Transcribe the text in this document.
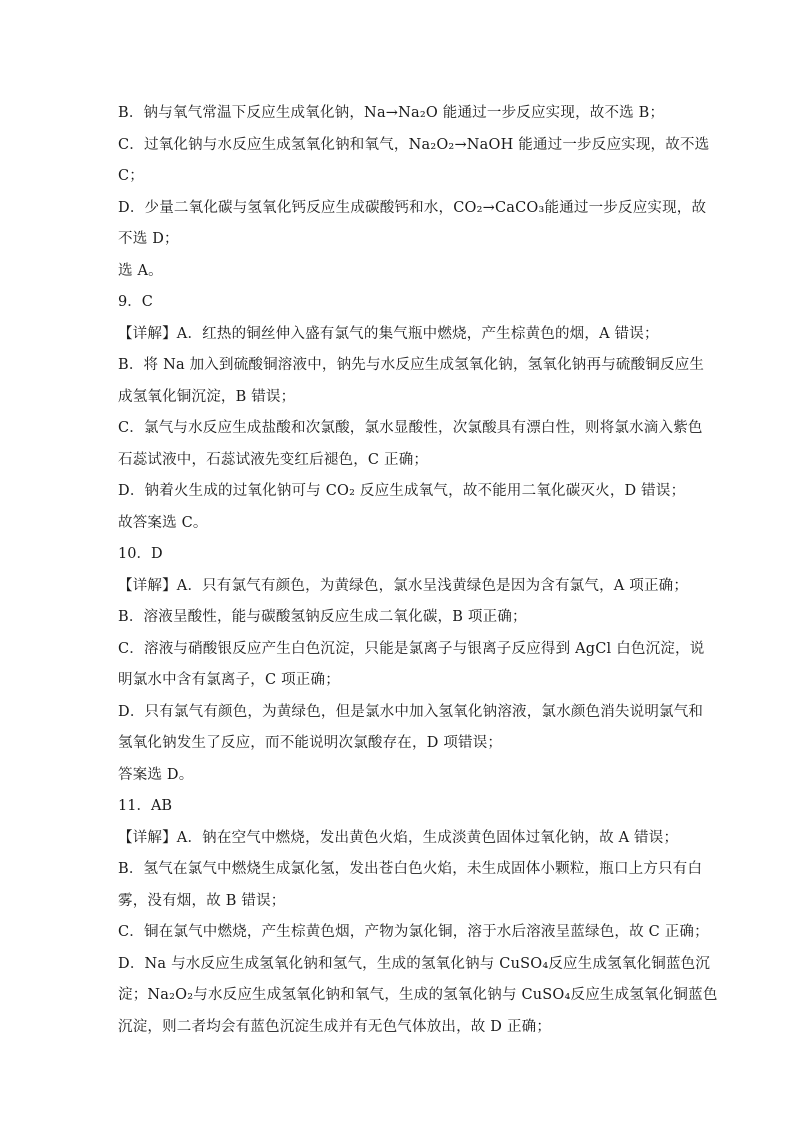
B．钠与氧气常温下反应生成氧化钠，Na→Na₂O 能通过一步反应实现，故不选 B；
C．过氧化钠与水反应生成氢氧化钠和氧气，Na₂O₂→NaOH 能通过一步反应实现，故不选
C；
D．少量二氧化碳与氢氧化钙反应生成碳酸钙和水，CO₂→CaCO₃能通过一步反应实现，故
不选 D；
选 A。
9．C
【详解】A．红热的铜丝伸入盛有氯气的集气瓶中燃烧，产生棕黄色的烟，A 错误；
B．将 Na 加入到硫酸铜溶液中，钠先与水反应生成氢氧化钠，氢氧化钠再与硫酸铜反应生
成氢氧化铜沉淀，B 错误；
C．氯气与水反应生成盐酸和次氯酸，氯水显酸性，次氯酸具有漂白性，则将氯水滴入紫色
石蕊试液中，石蕊试液先变红后褪色，C 正确；
D．钠着火生成的过氧化钠可与 CO₂ 反应生成氧气，故不能用二氧化碳灭火，D 错误；
故答案选 C。
10．D
【详解】A．只有氯气有颜色，为黄绿色，氯水呈浅黄绿色是因为含有氯气，A 项正确；
B．溶液呈酸性，能与碳酸氢钠反应生成二氧化碳，B 项正确；
C．溶液与硝酸银反应产生白色沉淀，只能是氯离子与银离子反应得到 AgCl 白色沉淀，说
明氯水中含有氯离子，C 项正确；
D．只有氯气有颜色，为黄绿色，但是氯水中加入氢氧化钠溶液，氯水颜色消失说明氯气和
氢氧化钠发生了反应，而不能说明次氯酸存在，D 项错误；
答案选 D。
11．AB
【详解】A．钠在空气中燃烧，发出黄色火焰，生成淡黄色固体过氧化钠，故 A 错误；
B．氢气在氯气中燃烧生成氯化氢，发出苍白色火焰，未生成固体小颗粒，瓶口上方只有白
雾，没有烟，故 B 错误；
C．铜在氯气中燃烧，产生棕黄色烟，产物为氯化铜，溶于水后溶液呈蓝绿色，故 C 正确；
D．Na 与水反应生成氢氧化钠和氢气，生成的氢氧化钠与 CuSO₄反应生成氢氧化铜蓝色沉
淀；Na₂O₂与水反应生成氢氧化钠和氧气，生成的氢氧化钠与 CuSO₄反应生成氢氧化铜蓝色
沉淀，则二者均会有蓝色沉淀生成并有无色气体放出，故 D 正确；
